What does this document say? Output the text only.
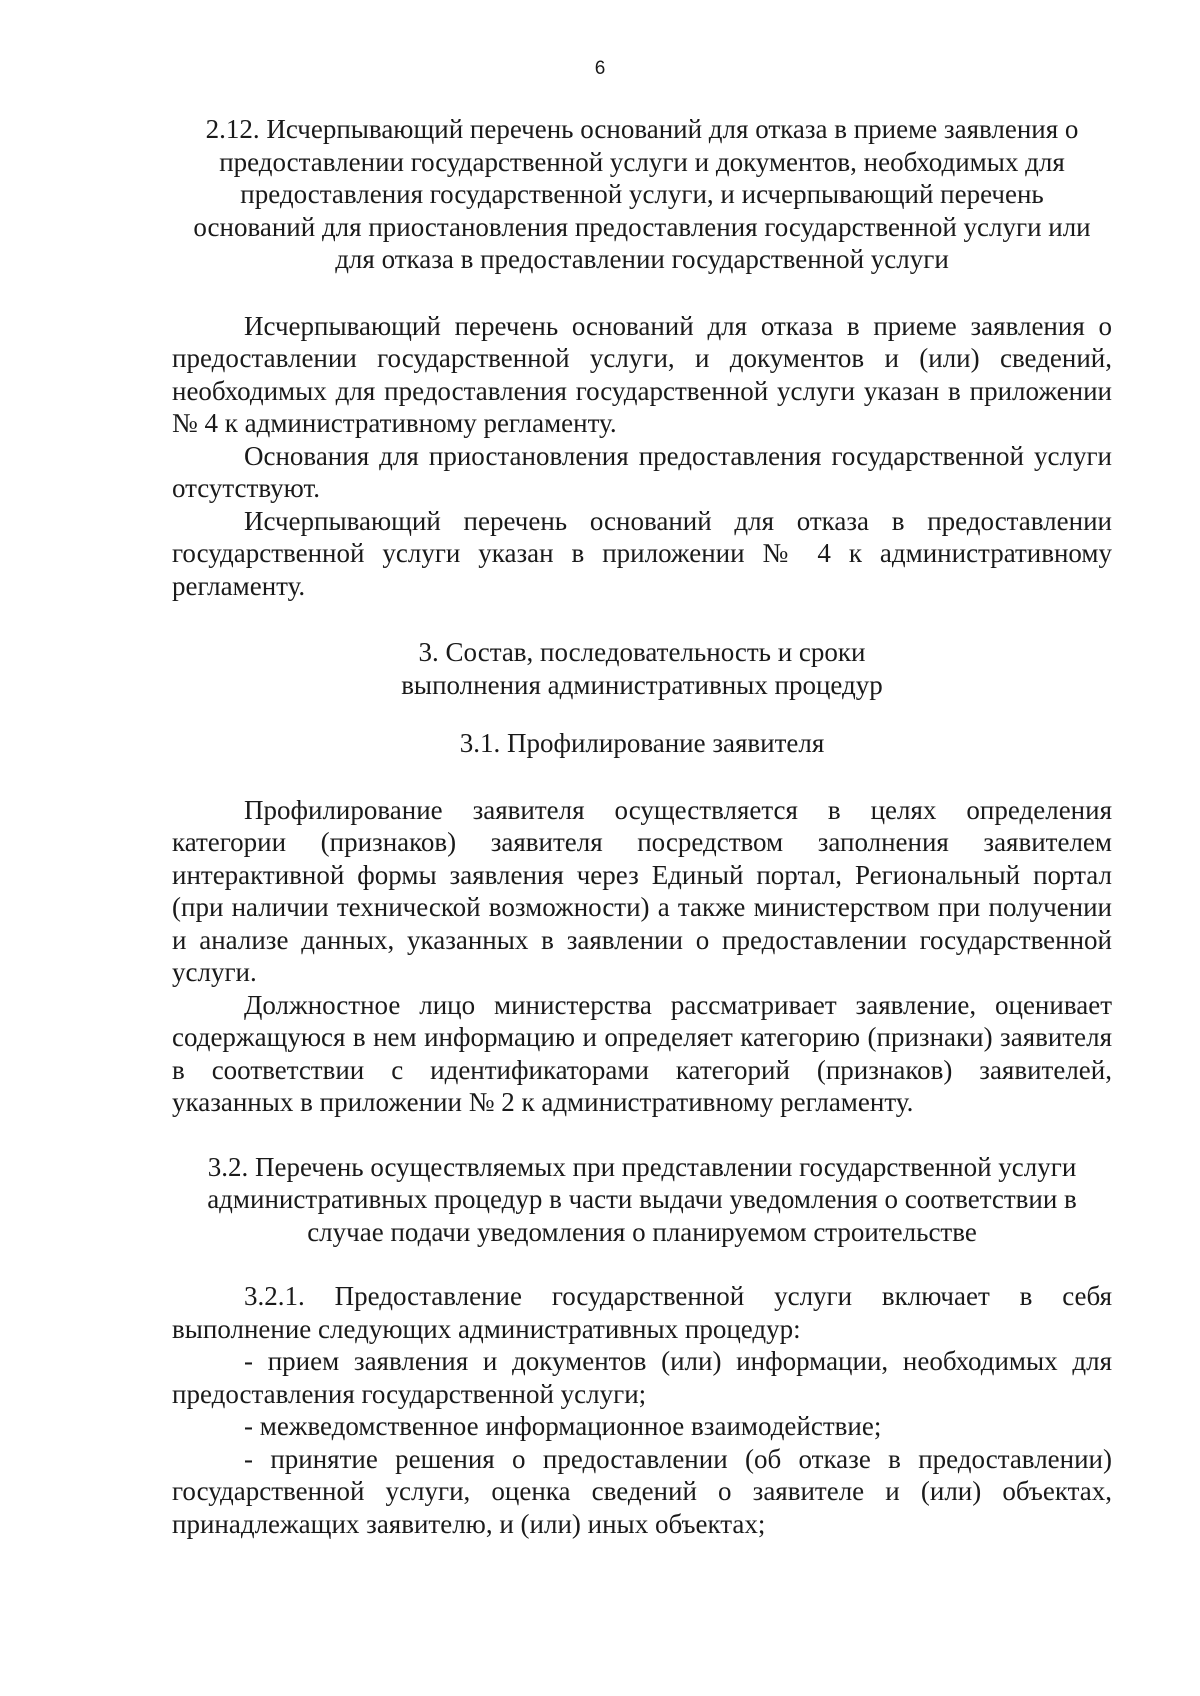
6

2.12. Исчерпывающий перечень оснований для отказа в приеме заявления о предоставлении государственной услуги и документов, необходимых для предоставления государственной услуги, и исчерпывающий перечень оснований для приостановления предоставления государственной услуги или для отказа в предоставлении государственной услуги

Исчерпывающий перечень оснований для отказа в приеме заявления о предоставлении государственной услуги, и документов и (или) сведений, необходимых для предоставления государственной услуги указан в приложении № 4 к административному регламенту.

Основания для приостановления предоставления государственной услуги отсутствуют.

Исчерпывающий перечень оснований для отказа в предоставлении государственной услуги указан в приложении № 4 к административному регламенту.

3. Состав, последовательность и сроки выполнения административных процедур

3.1. Профилирование заявителя

Профилирование заявителя осуществляется в целях определения категории (признаков) заявителя посредством заполнения заявителем интерактивной формы заявления через Единый портал, Региональный портал (при наличии технической возможности) а также министерством при получении и анализе данных, указанных в заявлении о предоставлении государственной услуги.

Должностное лицо министерства рассматривает заявление, оценивает содержащуюся в нем информацию и определяет категорию (признаки) заявителя в соответствии с идентификаторами категорий (признаков) заявителей, указанных в приложении № 2 к административному регламенту.

3.2. Перечень осуществляемых при представлении государственной услуги административных процедур в части выдачи уведомления о соответствии в случае подачи уведомления о планируемом строительстве

3.2.1. Предоставление государственной услуги включает в себя выполнение следующих административных процедур:

- прием заявления и документов (или) информации, необходимых для предоставления государственной услуги;

- межведомственное информационное взаимодействие;

- принятие решения о предоставлении (об отказе в предоставлении) государственной услуги, оценка сведений о заявителе и (или) объектах, принадлежащих заявителю, и (или) иных объектах;
